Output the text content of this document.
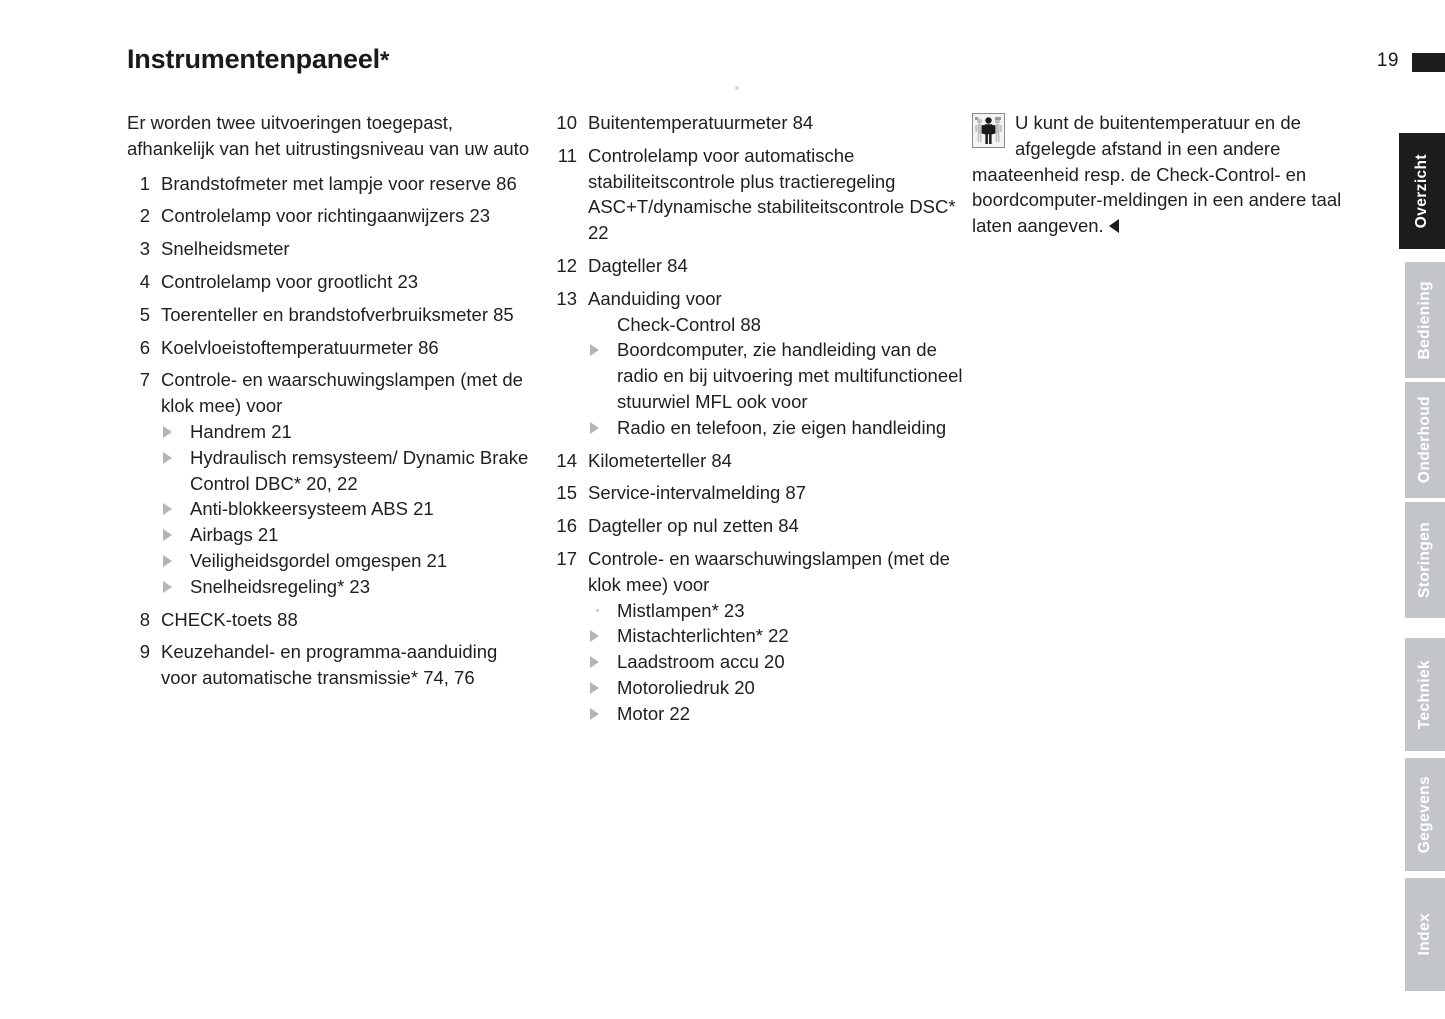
Instrumentenpaneel*	19

Er worden twee uitvoeringen toegepast, afhankelijk van het uitrustingsniveau van uw auto

1 Brandstofmeter met lampje voor reserve 86
2 Controlelamp voor richtingaanwijzers 23
3 Snelheidsmeter
4 Controlelamp voor grootlicht 23
5 Toerenteller en brandstofverbruiksmeter 85
6 Koelvloeistoftemperatuurmeter 86
7 Controle- en waarschuwingslampen (met de klok mee) voor
Handrem 21
Hydraulisch remsysteem/ Dynamic Brake Control DBC* 20, 22
Anti-blokkeersysteem ABS 21
Airbags 21
Veiligheidsgordel omgespen 21
Snelheidsregeling* 23
8 CHECK-toets 88
9 Keuzehandel- en programma-aanduiding voor automatische transmissie* 74, 76
10 Buitentemperatuurmeter 84
11 Controlelamp voor automatische stabiliteitscontrole plus tractieregeling ASC+T/dynamische stabiliteitscontrole DSC* 22
12 Dagteller 84
13 Aanduiding voor
Check-Control 88
Boordcomputer, zie handleiding van de radio en bij uitvoering met multifunctioneel stuurwiel MFL ook voor
Radio en telefoon, zie eigen handleiding
14 Kilometerteller 84
15 Service-intervalmelding 87
16 Dagteller op nul zetten 84
17 Controle- en waarschuwingslampen (met de klok mee) voor
Mistlampen* 23
Mistachterlichten* 22
Laadstroom accu 20
Motoroliedruk 20
Motor 22
U kunt de buitentemperatuur en de afgelegde afstand in een andere maateenheid resp. de Check-Control- en boordcomputer-meldingen in een andere taal laten aangeven.	Overzicht
Bediening
Onderhoud
Storingen
Techniek
Gegevens
Index
